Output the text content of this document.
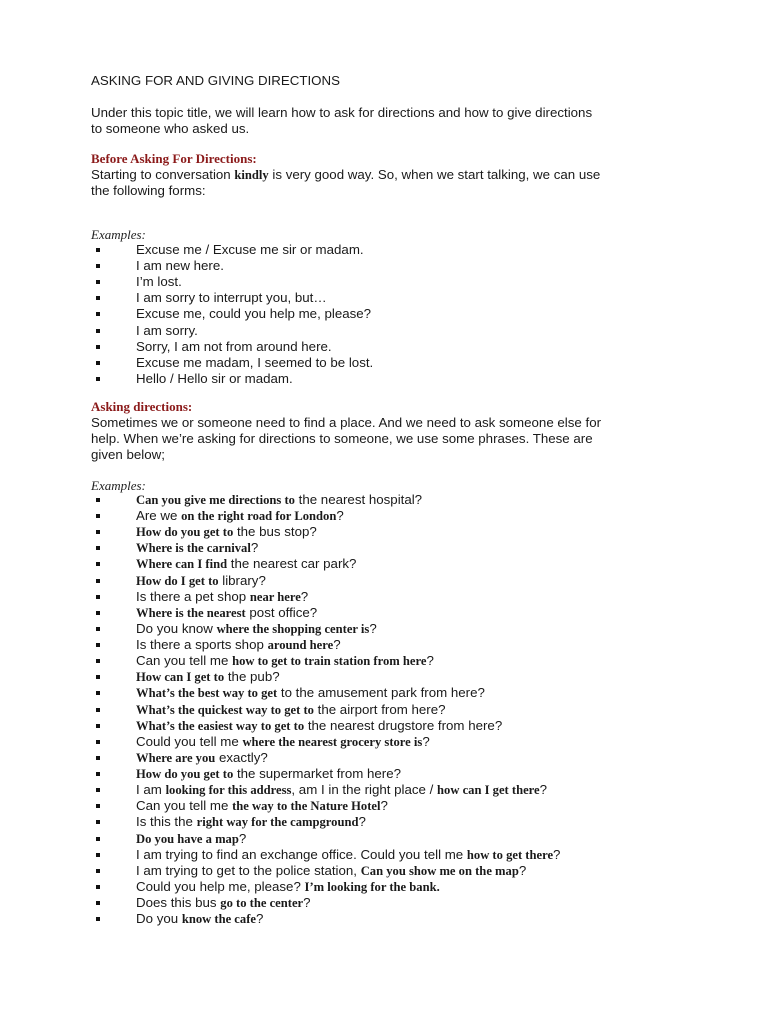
ASKING FOR AND GIVING DIRECTIONS
Under this topic title, we will learn how to ask for directions and how to give directions
to someone who asked us.
Before Asking For Directions:
Starting to conversation kindly is very good way. So, when we start talking, we can use
the following forms:
Examples:
Excuse me / Excuse me sir or madam.
I am new here.
I’m lost.
I am sorry to interrupt you, but…
Excuse me, could you help me, please?
I am sorry.
Sorry, I am not from around here.
Excuse me madam, I seemed to be lost.
Hello / Hello sir or madam.
Asking directions:
Sometimes we or someone need to find a place. And we need to ask someone else for
help. When we’re asking for directions to someone, we use some phrases. These are
given below;
Examples:
Can you give me directions to the nearest hospital?
Are we on the right road for London?
How do you get to the bus stop?
Where is the carnival?
Where can I find the nearest car park?
How do I get to library?
Is there a pet shop near here?
Where is the nearest post office?
Do you know where the shopping center is?
Is there a sports shop around here?
Can you tell me how to get to train station from here?
How can I get to the pub?
What’s the best way to get to the amusement park from here?
What’s the quickest way to get to the airport from here?
What’s the easiest way to get to the nearest drugstore from here?
Could you tell me where the nearest grocery store is?
Where are you exactly?
How do you get to the supermarket from here?
I am looking for this address, am I in the right place / how can I get there?
Can you tell me the way to the Nature Hotel?
Is this the right way for the campground?
Do you have a map?
I am trying to find an exchange office. Could you tell me how to get there?
I am trying to get to the police station, Can you show me on the map?
Could you help me, please? I’m looking for the bank.
Does this bus go to the center?
Do you know the cafe?
